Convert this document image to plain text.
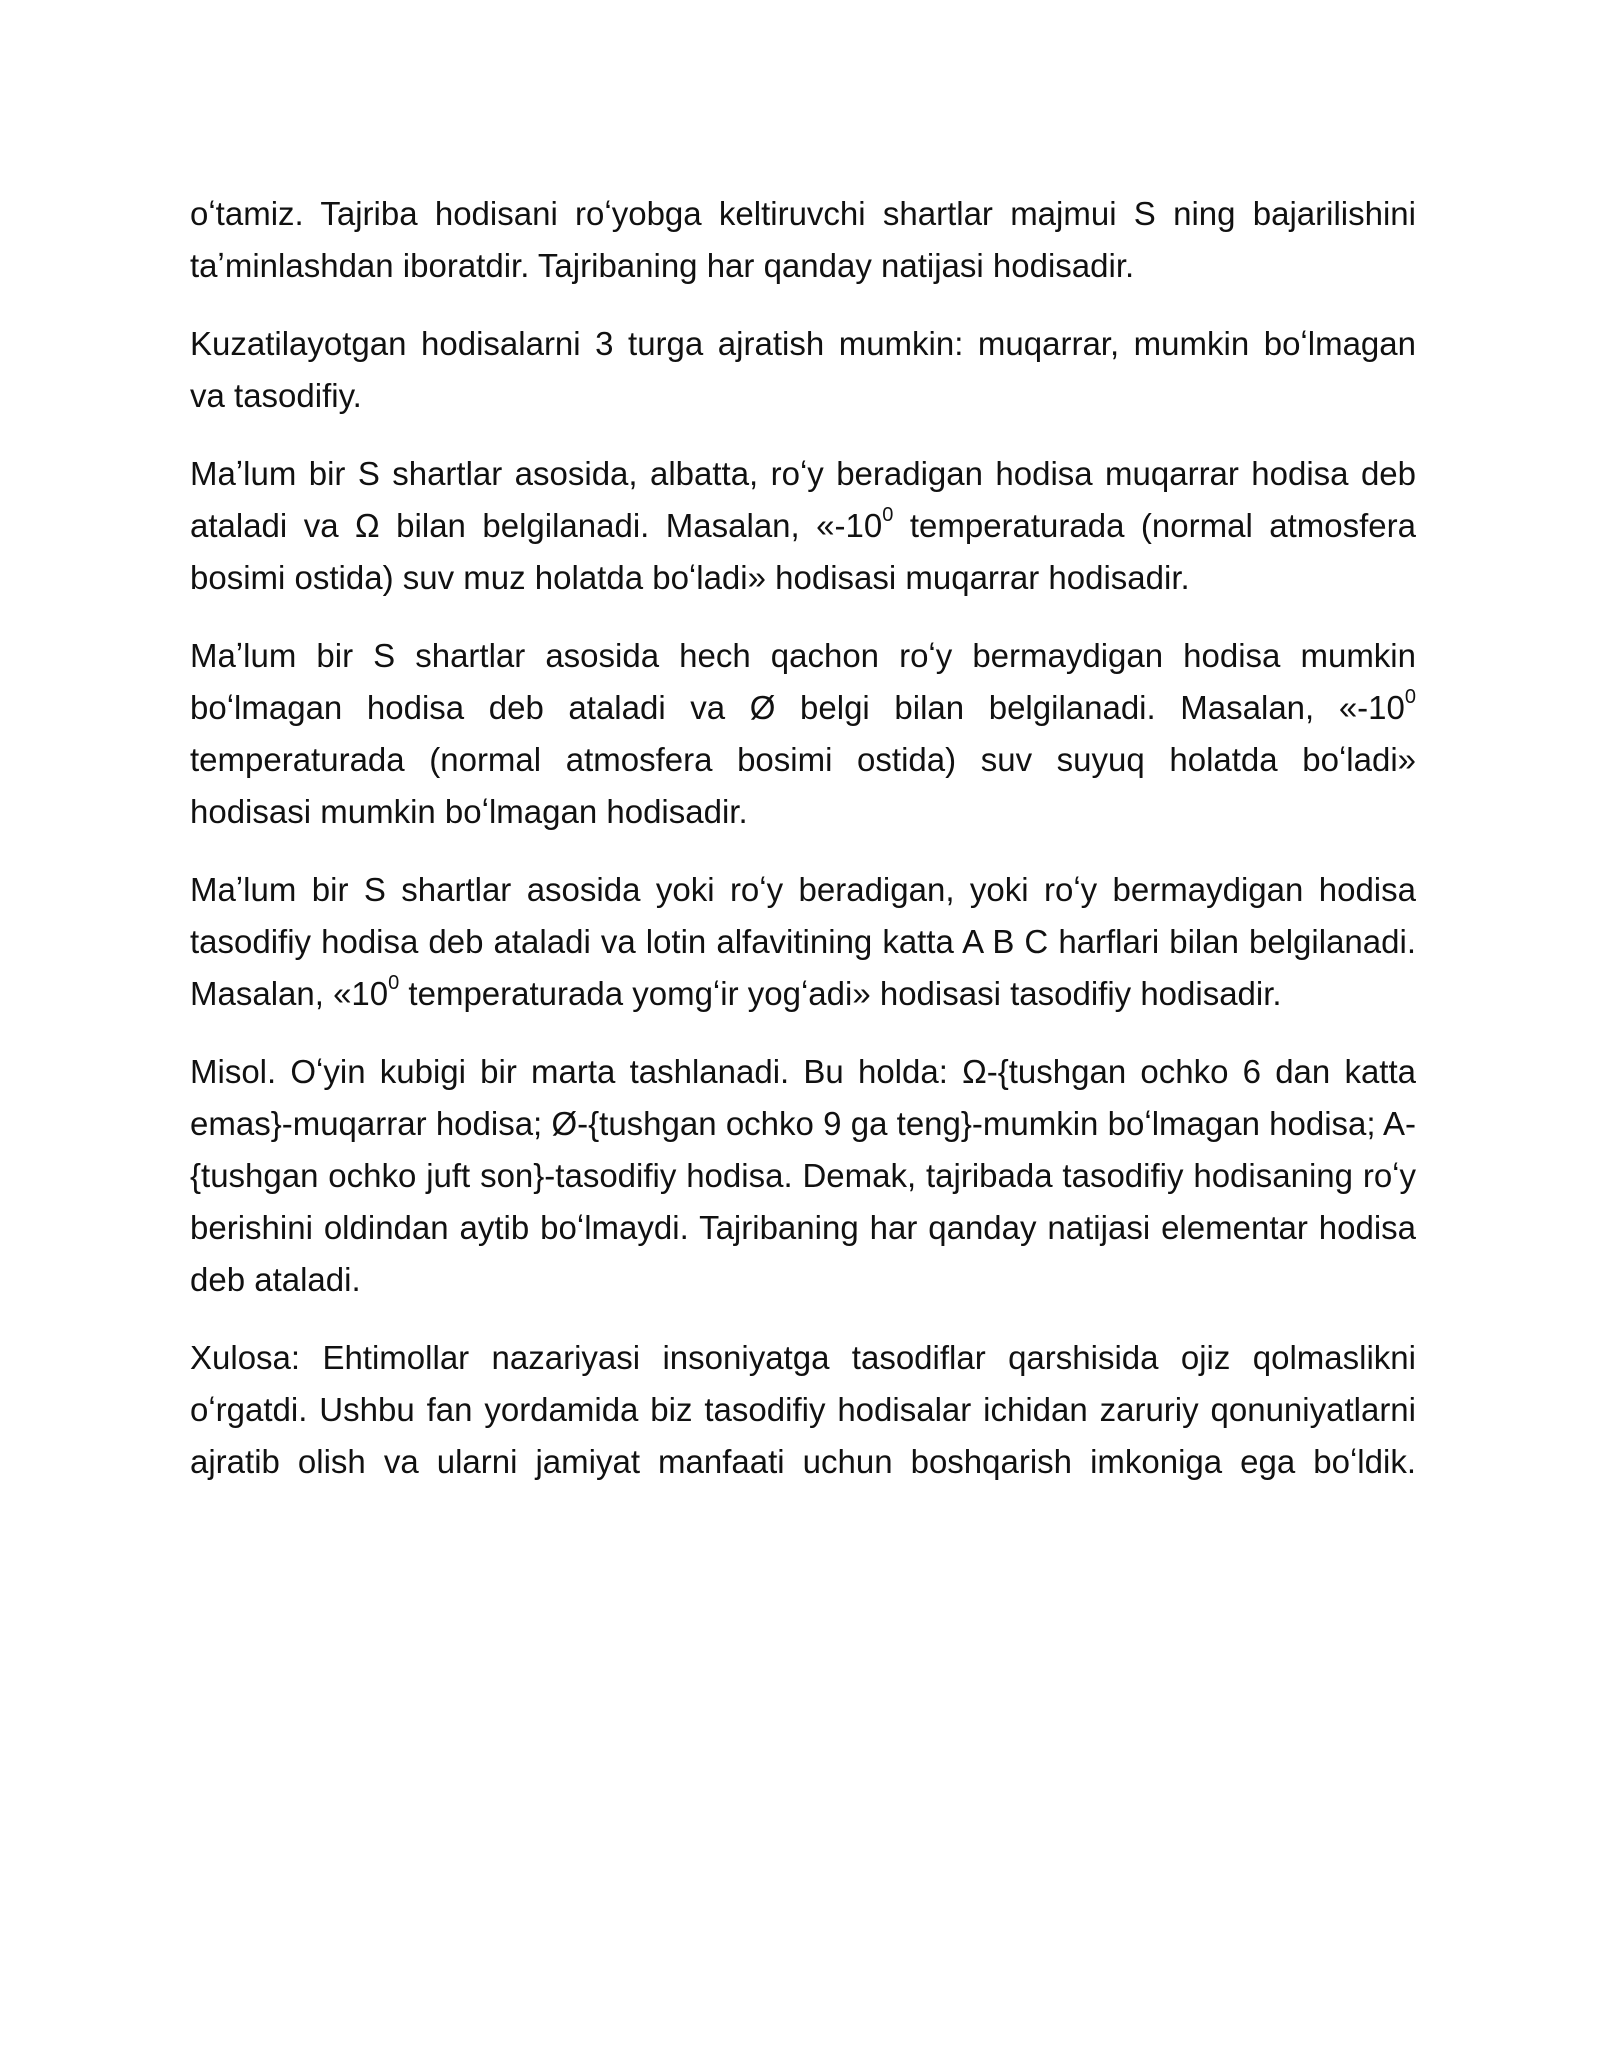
oʻtamiz. Tajriba hodisani roʻyobga keltiruvchi shartlar majmui S ning bajarilishini taʼminlashdan iboratdir. Tajribaning har qanday natijasi hodisadir.

Kuzatilayotgan hodisalarni 3 turga ajratish mumkin: muqarrar, mumkin boʻlmagan va tasodifiy.

Maʼlum bir S shartlar asosida, albatta, roʻy beradigan hodisa muqarrar hodisa deb ataladi va Ω bilan belgilanadi. Masalan, «$-10^0$ temperaturada (normal atmosfera bosimi ostida) suv muz holatda boʻladi» hodisasi muqarrar hodisadir.

Maʼlum bir S shartlar asosida hech qachon roʻy bermaydigan hodisa mumkin boʻlmagan hodisa deb ataladi va Ø belgi bilan belgilanadi. Masalan, «$-10^0$ temperaturada (normal atmosfera bosimi ostida) suv suyuq holatda boʻladi» hodisasi mumkin boʻlmagan hodisadir.

Maʼlum bir S shartlar asosida yoki roʻy beradigan, yoki roʻy bermaydigan hodisa tasodifiy hodisa deb ataladi va lotin alfavitining katta A B C harflari bilan belgilanadi. Masalan, «$10^0$ temperaturada yomgʻir yogʻadi» hodisasi tasodifiy hodisadir.

Misol. Oʻyin kubigi bir marta tashlanadi. Bu holda: Ω-{tushgan ochko 6 dan katta emas}-muqarrar hodisa; Ø-{tushgan ochko 9 ga teng}-mumkin boʻlmagan hodisa; A-{tushgan ochko juft son}-tasodifiy hodisa. Demak, tajribada tasodifiy hodisaning roʻy berishini oldindan aytib boʻlmaydi. Tajribaning har qanday natijasi elementar hodisa deb ataladi.

Xulosa: Ehtimollar nazariyasi insoniyatga tasodiflar qarshisida ojiz qolmaslikni oʻrgatdi. Ushbu fan yordamida biz tasodifiy hodisalar ichidan zaruriy qonuniyatlarni ajratib olish va ularni jamiyat manfaati uchun boshqarish imkoniga ega boʻldik.
